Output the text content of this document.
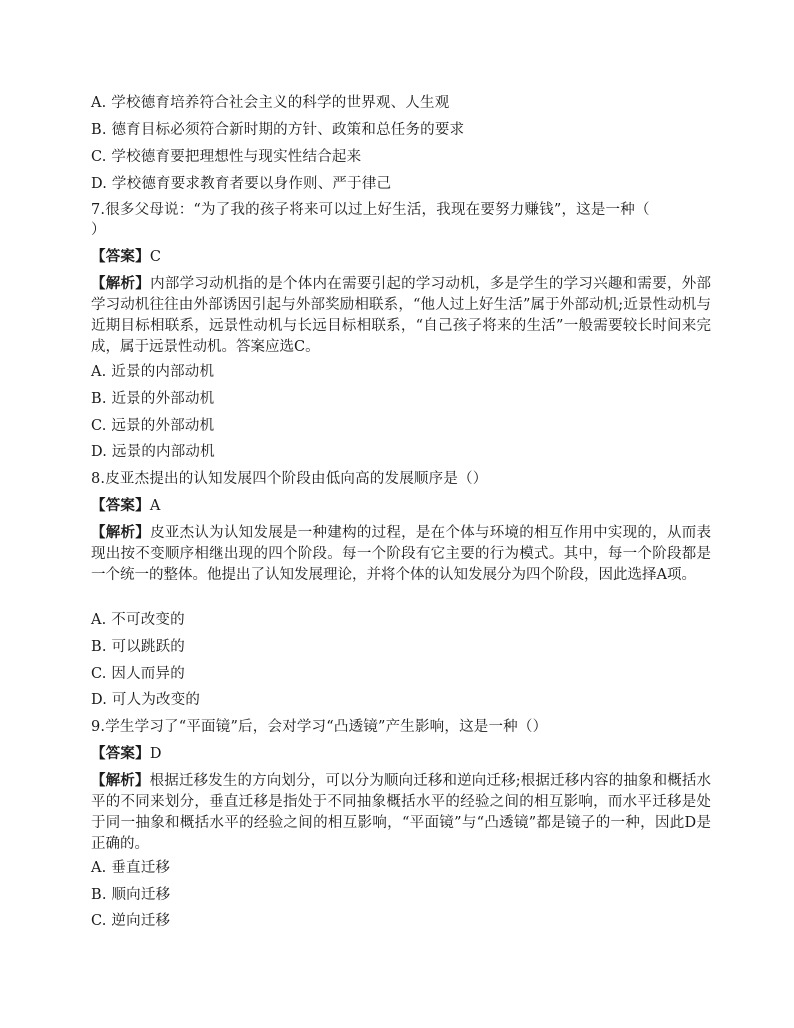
A. 学校德育培养符合社会主义的科学的世界观、人生观
B. 德育目标必须符合新时期的方针、政策和总任务的要求
C. 学校德育要把理想性与现实性结合起来
D. 学校德育要求教育者要以身作则、严于律己
7.很多父母说：“为了我的孩子将来可以过上好生活，我现在要努力赚钱”，这是一种（
）
【答案】C
【解析】内部学习动机指的是个体内在需要引起的学习动机，多是学生的学习兴趣和需要，外部学习动机往往由外部诱因引起与外部奖励相联系，“他人过上好生活”属于外部动机;近景性动机与近期目标相联系，远景性动机与长远目标相联系，“自己孩子将来的生活”一般需要较长时间来完成，属于远景性动机。答案应选C。
A. 近景的内部动机
B. 近景的外部动机
C. 远景的外部动机
D. 远景的内部动机
8.皮亚杰提出的认知发展四个阶段由低向高的发展顺序是（）
【答案】A
【解析】皮亚杰认为认知发展是一种建构的过程，是在个体与环境的相互作用中实现的，从而表现出按不变顺序相继出现的四个阶段。每一个阶段有它主要的行为模式。其中，每一个阶段都是一个统一的整体。他提出了认知发展理论，并将个体的认知发展分为四个阶段，因此选择A项。
A. 不可改变的
B. 可以跳跃的
C. 因人而异的
D. 可人为改变的
9.学生学习了“平面镜”后，会对学习“凸透镜”产生影响，这是一种（）
【答案】D
【解析】根据迁移发生的方向划分，可以分为顺向迁移和逆向迁移;根据迁移内容的抽象和概括水平的不同来划分，垂直迁移是指处于不同抽象概括水平的经验之间的相互影响，而水平迁移是处于同一抽象和概括水平的经验之间的相互影响，“平面镜”与“凸透镜”都是镜子的一种，因此D是正确的。
A. 垂直迁移
B. 顺向迁移
C. 逆向迁移
